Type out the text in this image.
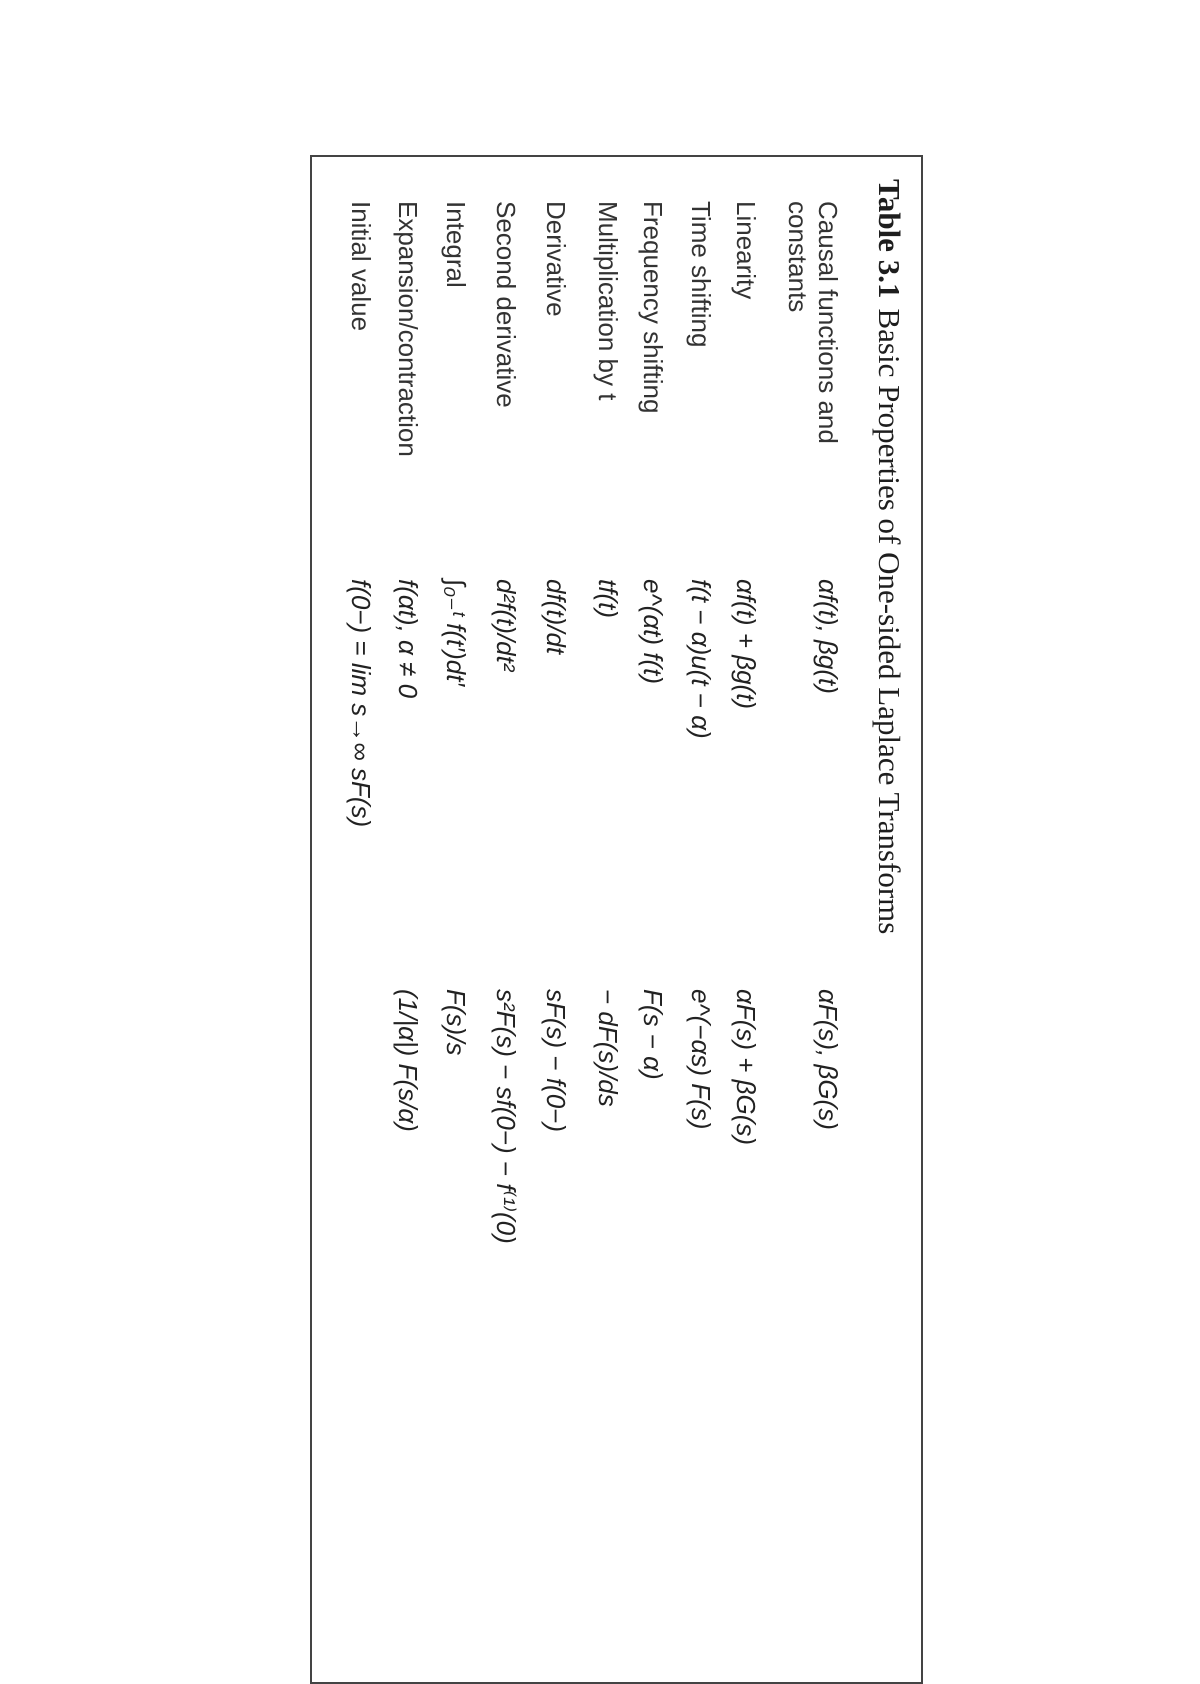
Table 3.1Basic Properties of One-sided Laplace Transforms
Causal functions and
constants
αf(t), βg(t)
αF(s), βG(s)
Linearity
αf(t) + βg(t)
αF(s) + βG(s)
Time shifting
f(t − α)u(t − α)
e^(−αs) F(s)
Frequency shifting
e^(αt) f(t)
F(s − α)
Multiplication by t
tf(t)
− dF(s)/ds
Derivative
df(t)/dt
sF(s) − f(0−)
Second derivative
d²f(t)/dt²
s²F(s) − sf(0−) − f⁽¹⁾(0)
Integral
∫₀₋ᵗ f(t′)dt′
F(s)/s
Expansion/contraction
f(αt), α ≠ 0
(1/|α|) F(s/α)
Initial value
f(0−) = lim s→∞ sF(s)
